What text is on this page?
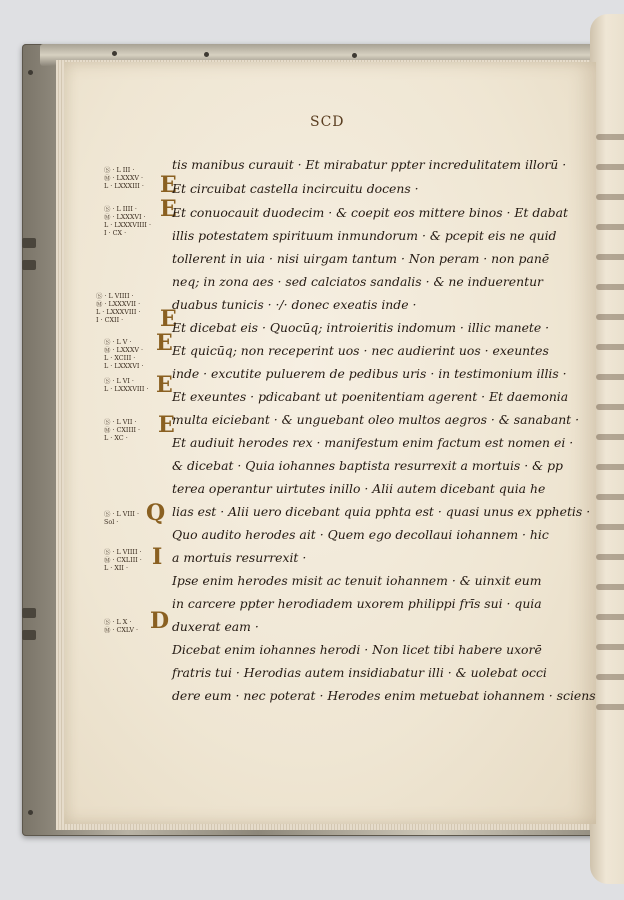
SCD
Ⓢ · L III ·
Ⓜ · LXXXV ·
L · LXXXIII ·
Ⓢ · L IIII ·
Ⓜ · LXXXVI ·
L · LXXXVIIII ·
I · CX ·
Ⓢ · L VIIII ·
Ⓜ · LXXXVII ·
L · LXXXVIII ·
I · CXII ·
Ⓢ · L V ·
Ⓜ · LXXXV ·
L · XCIII ·
L · LXXXVI ·
Ⓢ · L VI ·
L · LXXXVIII ·
Ⓢ · L VII ·
Ⓜ · CXIIII ·
L · XC ·
Ⓢ · L VIII ·
Sol ·
Ⓢ · L VIIII ·
Ⓜ · CXLIII ·
L · XII ·
Ⓢ · L X ·
Ⓜ · CXLV ·
E
E
E
E
E
E
Q
I
D
tis manibus curauit · Et mirabatur ppter incredulitatem illorū ·
Et circuibat castella incircuitu docens ·
Et conuocauit duodecim · & coepit eos mittere binos · Et dabat
illis potestatem spirituum inmundorum · & pcepit eis ne quid
tollerent in uia · nisi uirgam tantum · Non peram · non panē
neq; in zona aes · sed calciatos sandalis · & ne induerentur
duabus tunicis · ·/· donec exeatis inde ·
Et dicebat eis · Quocūq; introieritis indomum · illic manete ·
Et quicūq; non receperint uos · nec audierint uos · exeuntes
inde · excutite puluerem de pedibus uris · in testimonium illis ·
Et exeuntes · pdicabant ut poenitentiam agerent · Et daemonia
multa eiciebant · & unguebant oleo multos aegros · & sanabant ·
Et audiuit herodes rex · manifestum enim factum est nomen ei ·
& dicebat · Quia iohannes baptista resurrexit a mortuis · & pp
terea operantur uirtutes inillo · Alii autem dicebant quia he
lias est · Alii uero dicebant quia pphta est · quasi unus ex pphetis ·
Quo audito herodes ait · Quem ego decollaui iohannem · hic
a mortuis resurrexit ·
Ipse enim herodes misit ac tenuit iohannem · & uinxit eum
in carcere ppter herodiadem uxorem philippi frīs sui · quia
duxerat eam ·
Dicebat enim iohannes herodi · Non licet tibi habere uxorē
fratris tui · Herodias autem insidiabatur illi · & uolebat occi
dere eum · nec poterat · Herodes enim metuebat iohannem · sciens
